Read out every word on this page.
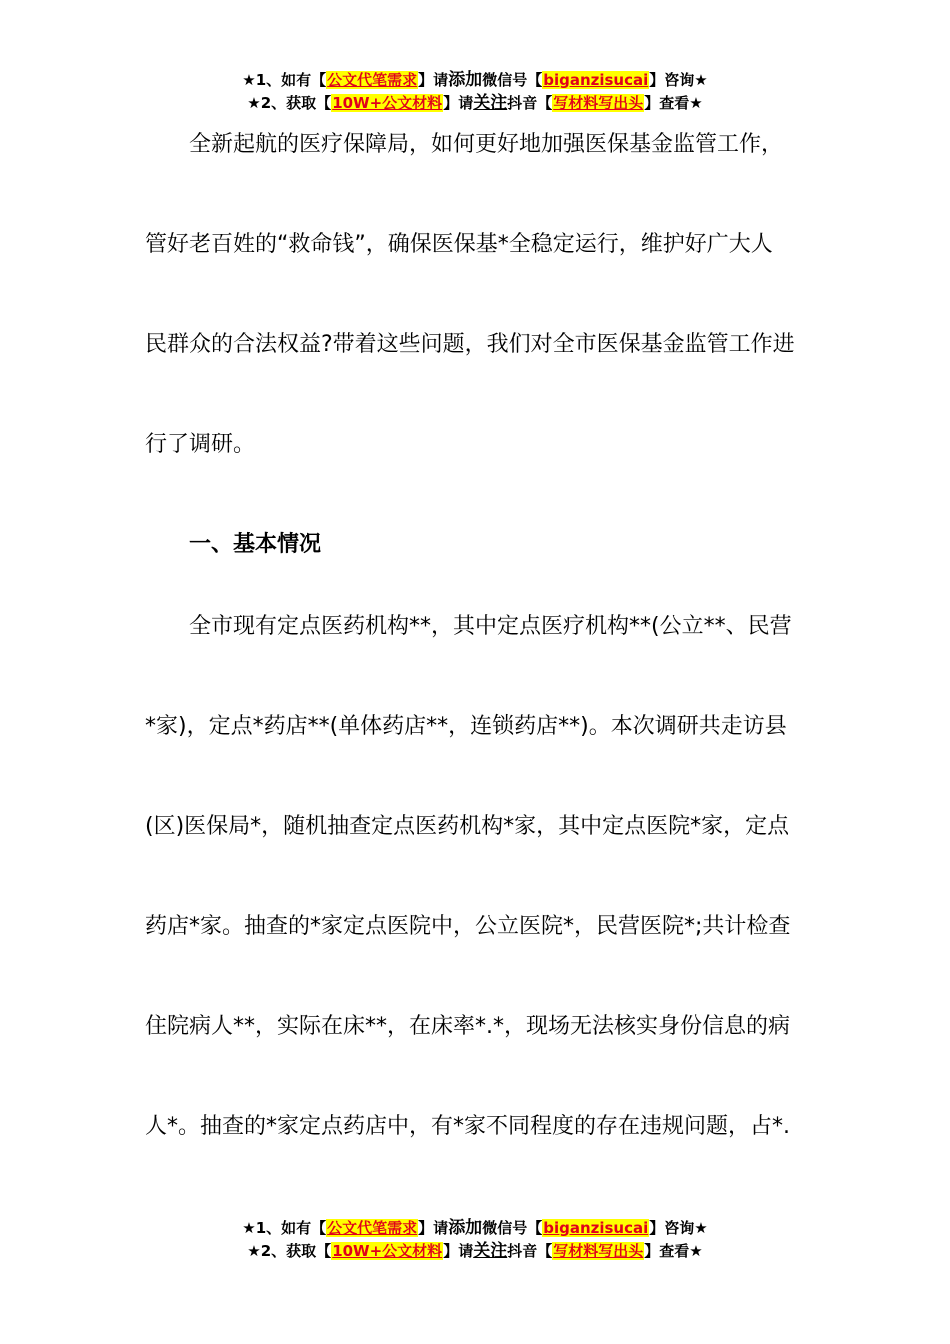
★1、如有【公文代笔需求】请添加微信号【biganzisucai】咨询★
★2、获取【10W+公文材料】请关注抖音【写材料写出头】查看★

全新起航的医疗保障局，如何更好地加强医保基金监管工作，

管好老百姓的“救命钱”，确保医保基*全稳定运行，维护好广大人

民群众的合法权益?带着这些问题，我们对全市医保基金监管工作进

行了调研。

一、基本情况

全市现有定点医药机构**，其中定点医疗机构**(公立**、民营

*家)，定点*药店**(单体药店**，连锁药店**)。本次调研共走访县

(区)医保局*，随机抽查定点医药机构*家，其中定点医院*家，定点

药店*家。抽查的*家定点医院中，公立医院*，民营医院*;共计检查

住院病人**，实际在床**，在床率*.*，现场无法核实身份信息的病

人*。抽查的*家定点药店中，有*家不同程度的存在违规问题，占*.

★1、如有【公文代笔需求】请添加微信号【biganzisucai】咨询★
★2、获取【10W+公文材料】请关注抖音【写材料写出头】查看★
